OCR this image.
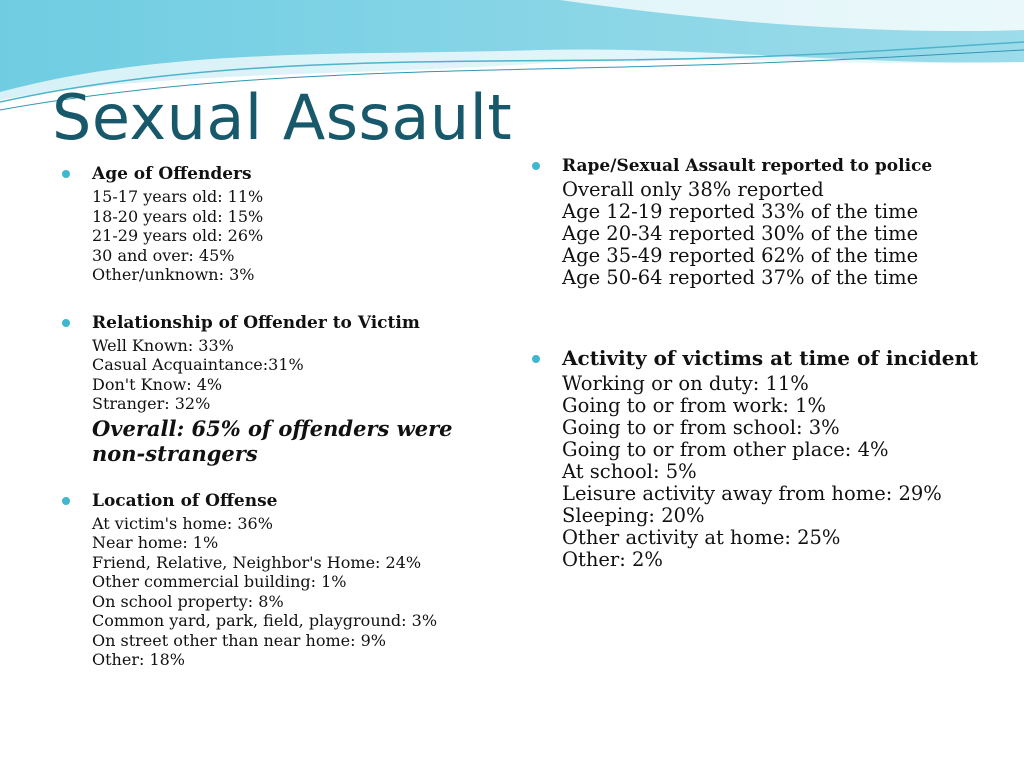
Sexual Assault

Age of Offenders

15-17 years old: 11%
18-20 years old: 15%
21-29 years old: 26%
30 and over: 45%
Other/unknown: 3%

Relationship of Offender to Victim

Well Known: 33%
Casual Acquaintance:31%
Don't Know: 4%
Stranger: 32%

Overall: 65% of offenders were non-strangers

Location of Offense

At victim's home: 36%
Near home: 1%
Friend, Relative, Neighbor's Home: 24%
Other commercial building: 1%
On school property: 8%
Common yard, park, field, playground: 3%
On street other than near home: 9%
Other: 18%

Rape/Sexual Assault reported to police

Overall only 38% reported
Age 12-19 reported 33% of the time
Age 20-34 reported 30% of the time
Age 35-49 reported 62% of the time
Age 50-64 reported 37% of the time

Activity of victims at time of incident

Working or on duty: 11%
Going to or from work: 1%
Going to or from school: 3%
Going to or from other place: 4%
At school: 5%
Leisure activity away from home: 29%
Sleeping: 20%
Other activity at home: 25%
Other: 2%
